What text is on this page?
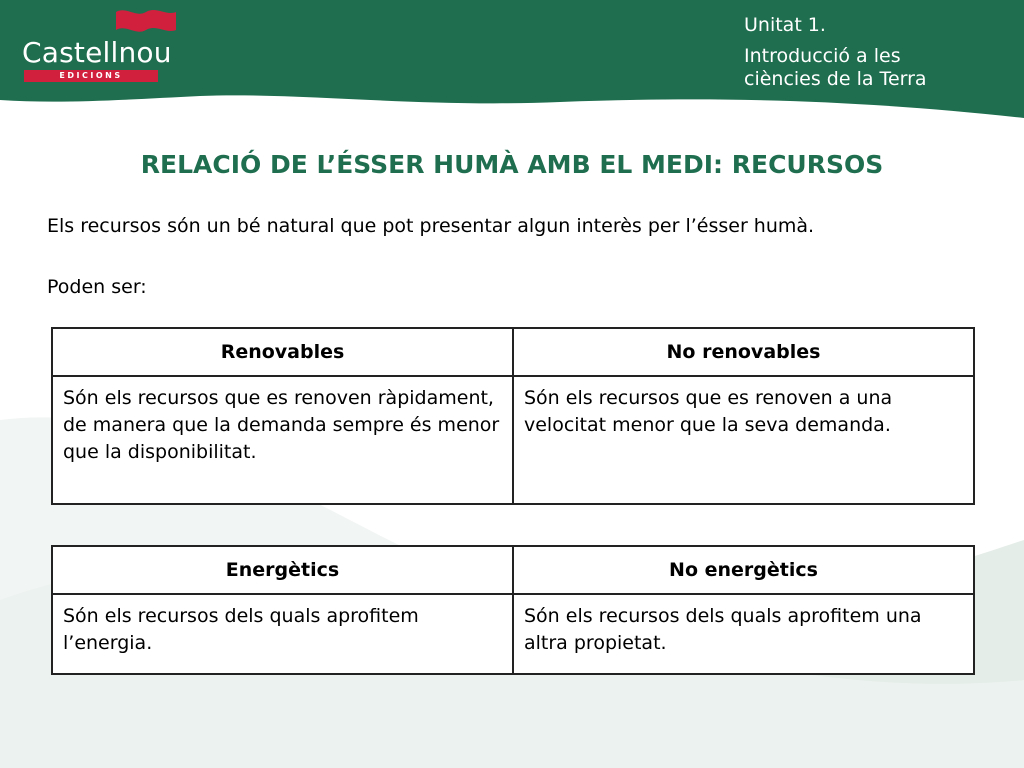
Castellnou
EDICIONS
Unitat 1.
Introducció a les
ciències de la Terra
RELACIÓ DE L’ÉSSER HUMÀ AMB EL MEDI: RECURSOS

Els recursos són un bé natural que pot presentar algun interès per l’ésser humà.

Poden ser:

Renovables	No renovables
Són els recursos que es renoven ràpidament, de manera que la demanda sempre és menor que la disponibilitat.	Són els recursos que es renoven a una velocitat menor que la seva demanda.
Energètics	No energètics
Són els recursos dels quals aprofitem l’energia.	Són els recursos dels quals aprofitem una altra propietat.
